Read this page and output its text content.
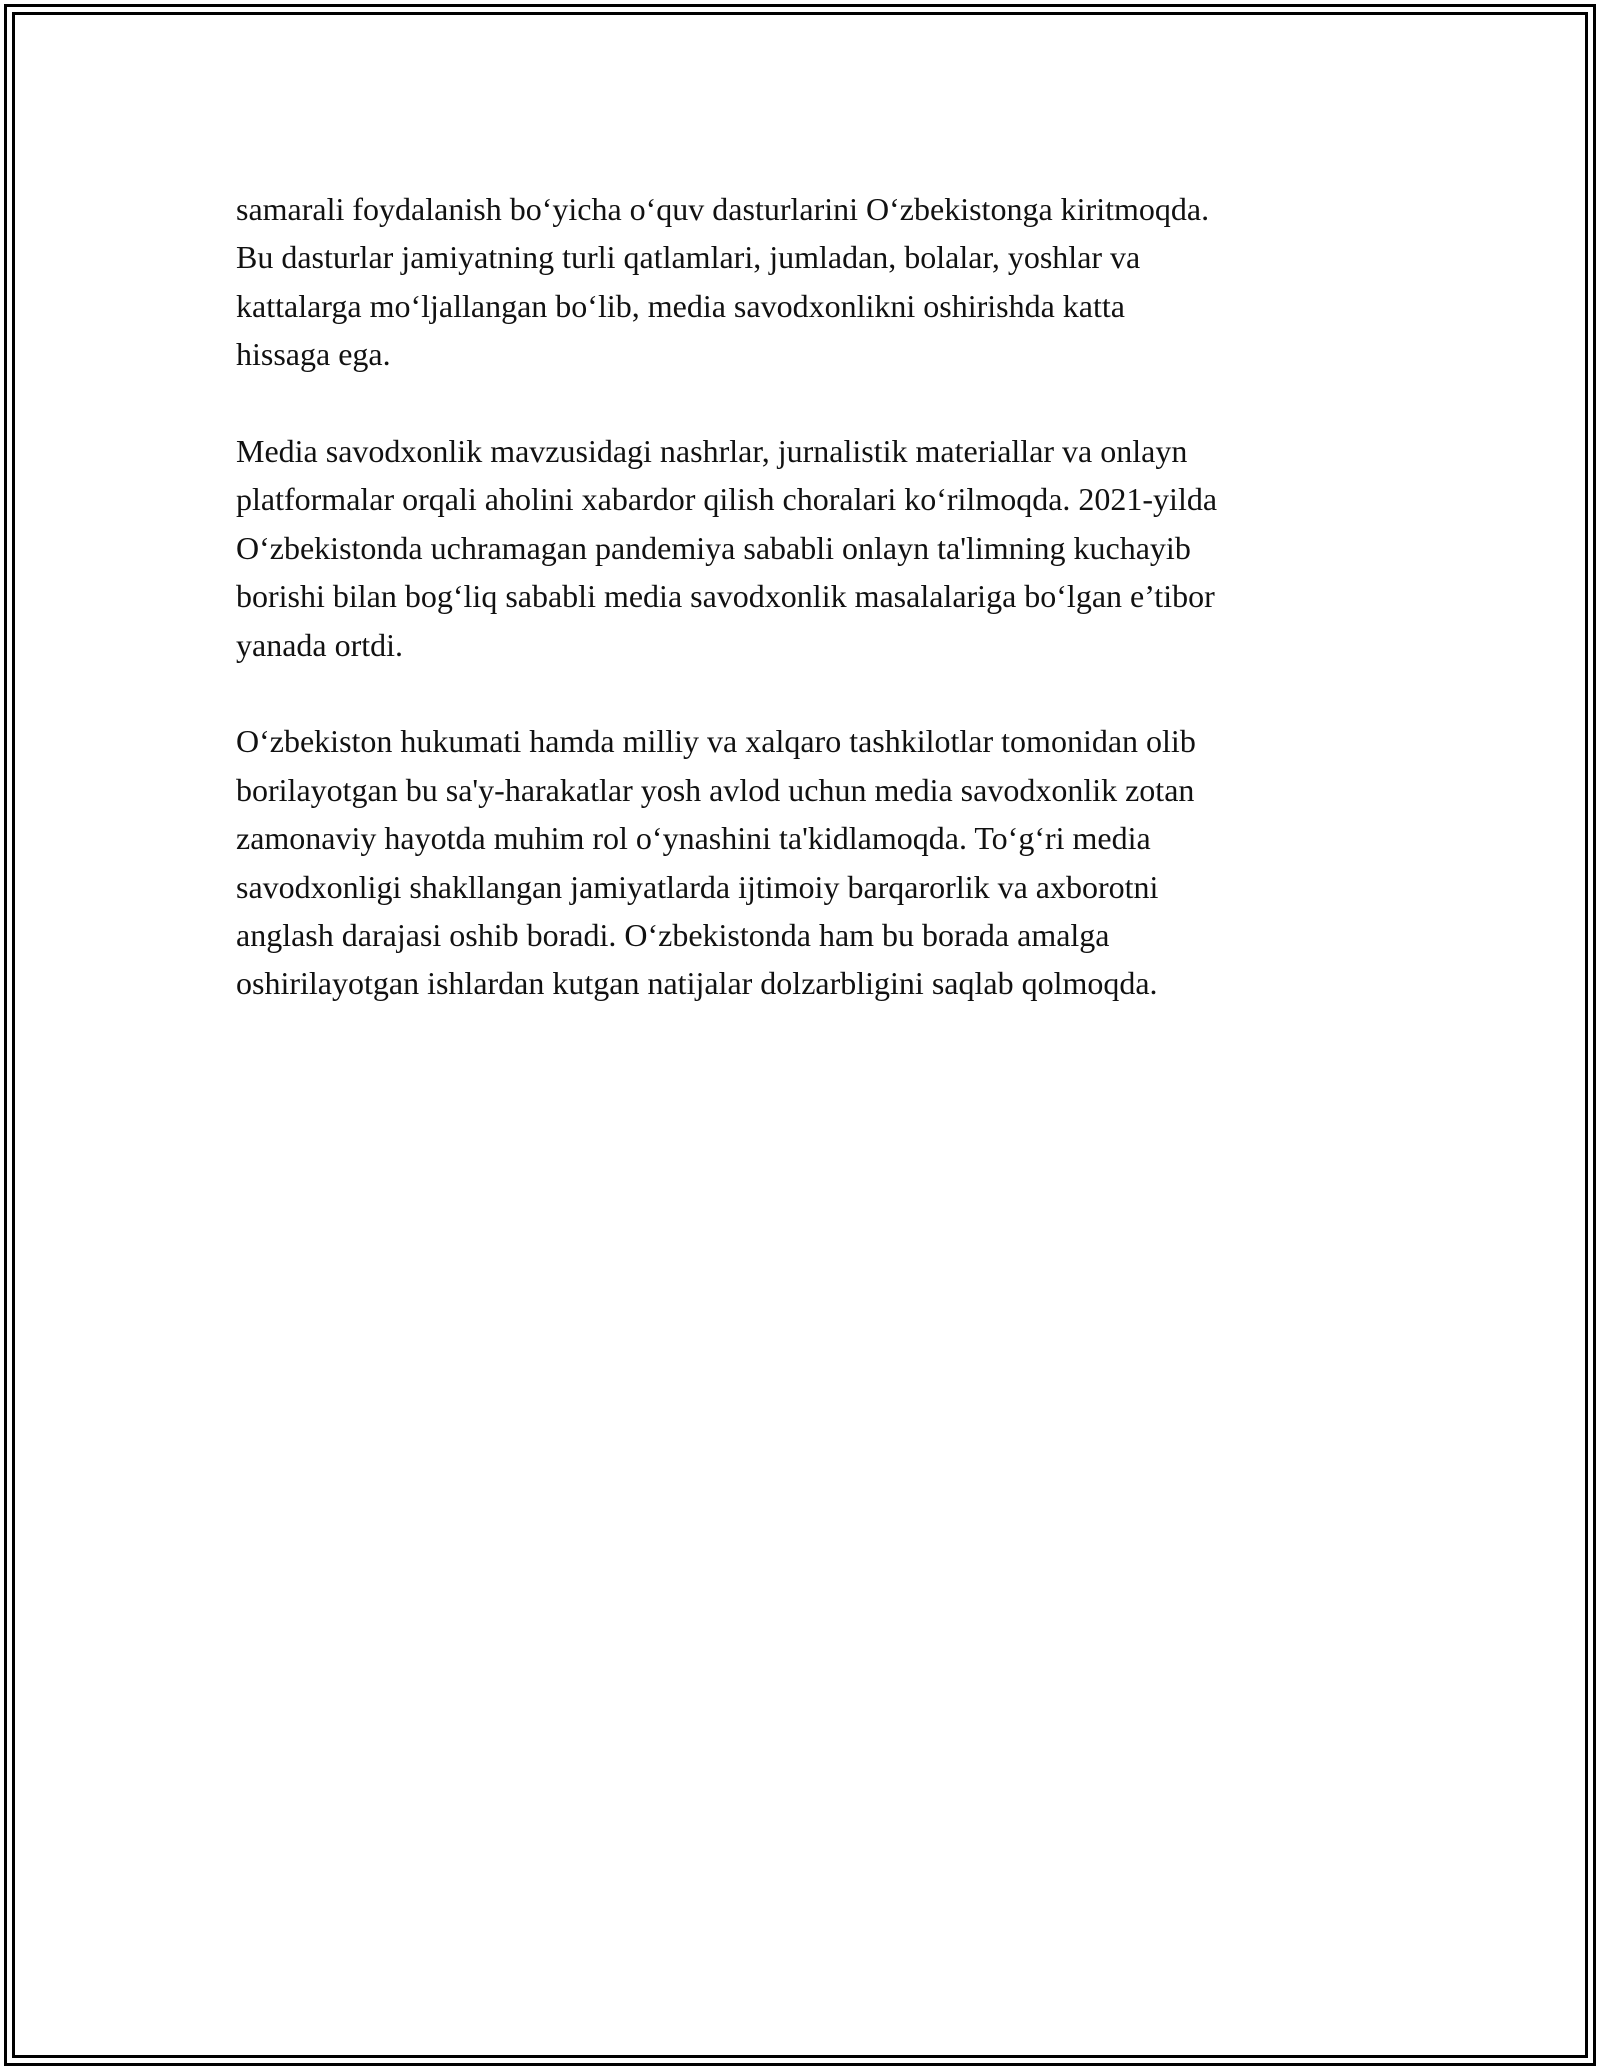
samarali foydalanish bo‘yicha o‘quv dasturlarini O‘zbekistonga kiritmoqda.
Bu dasturlar jamiyatning turli qatlamlari, jumladan, bolalar, yoshlar va
kattalarga mo‘ljallangan bo‘lib, media savodxonlikni oshirishda katta
hissaga ega.

Media savodxonlik mavzusidagi nashrlar, jurnalistik materiallar va onlayn
platformalar orqali aholini xabardor qilish choralari ko‘rilmoqda. 2021-yilda
O‘zbekistonda uchramagan pandemiya sababli onlayn ta'limning kuchayib
borishi bilan bog‘liq sababli media savodxonlik masalalariga bo‘lgan e’tibor
yanada ortdi.

O‘zbekiston hukumati hamda milliy va xalqaro tashkilotlar tomonidan olib
borilayotgan bu sa'y-harakatlar yosh avlod uchun media savodxonlik zotan
zamonaviy hayotda muhim rol o‘ynashini ta'kidlamoqda. To‘g‘ri media
savodxonligi shakllangan jamiyatlarda ijtimoiy barqarorlik va axborotni
anglash darajasi oshib boradi. O‘zbekistonda ham bu borada amalga
oshirilayotgan ishlardan kutgan natijalar dolzarbligini saqlab qolmoqda.
